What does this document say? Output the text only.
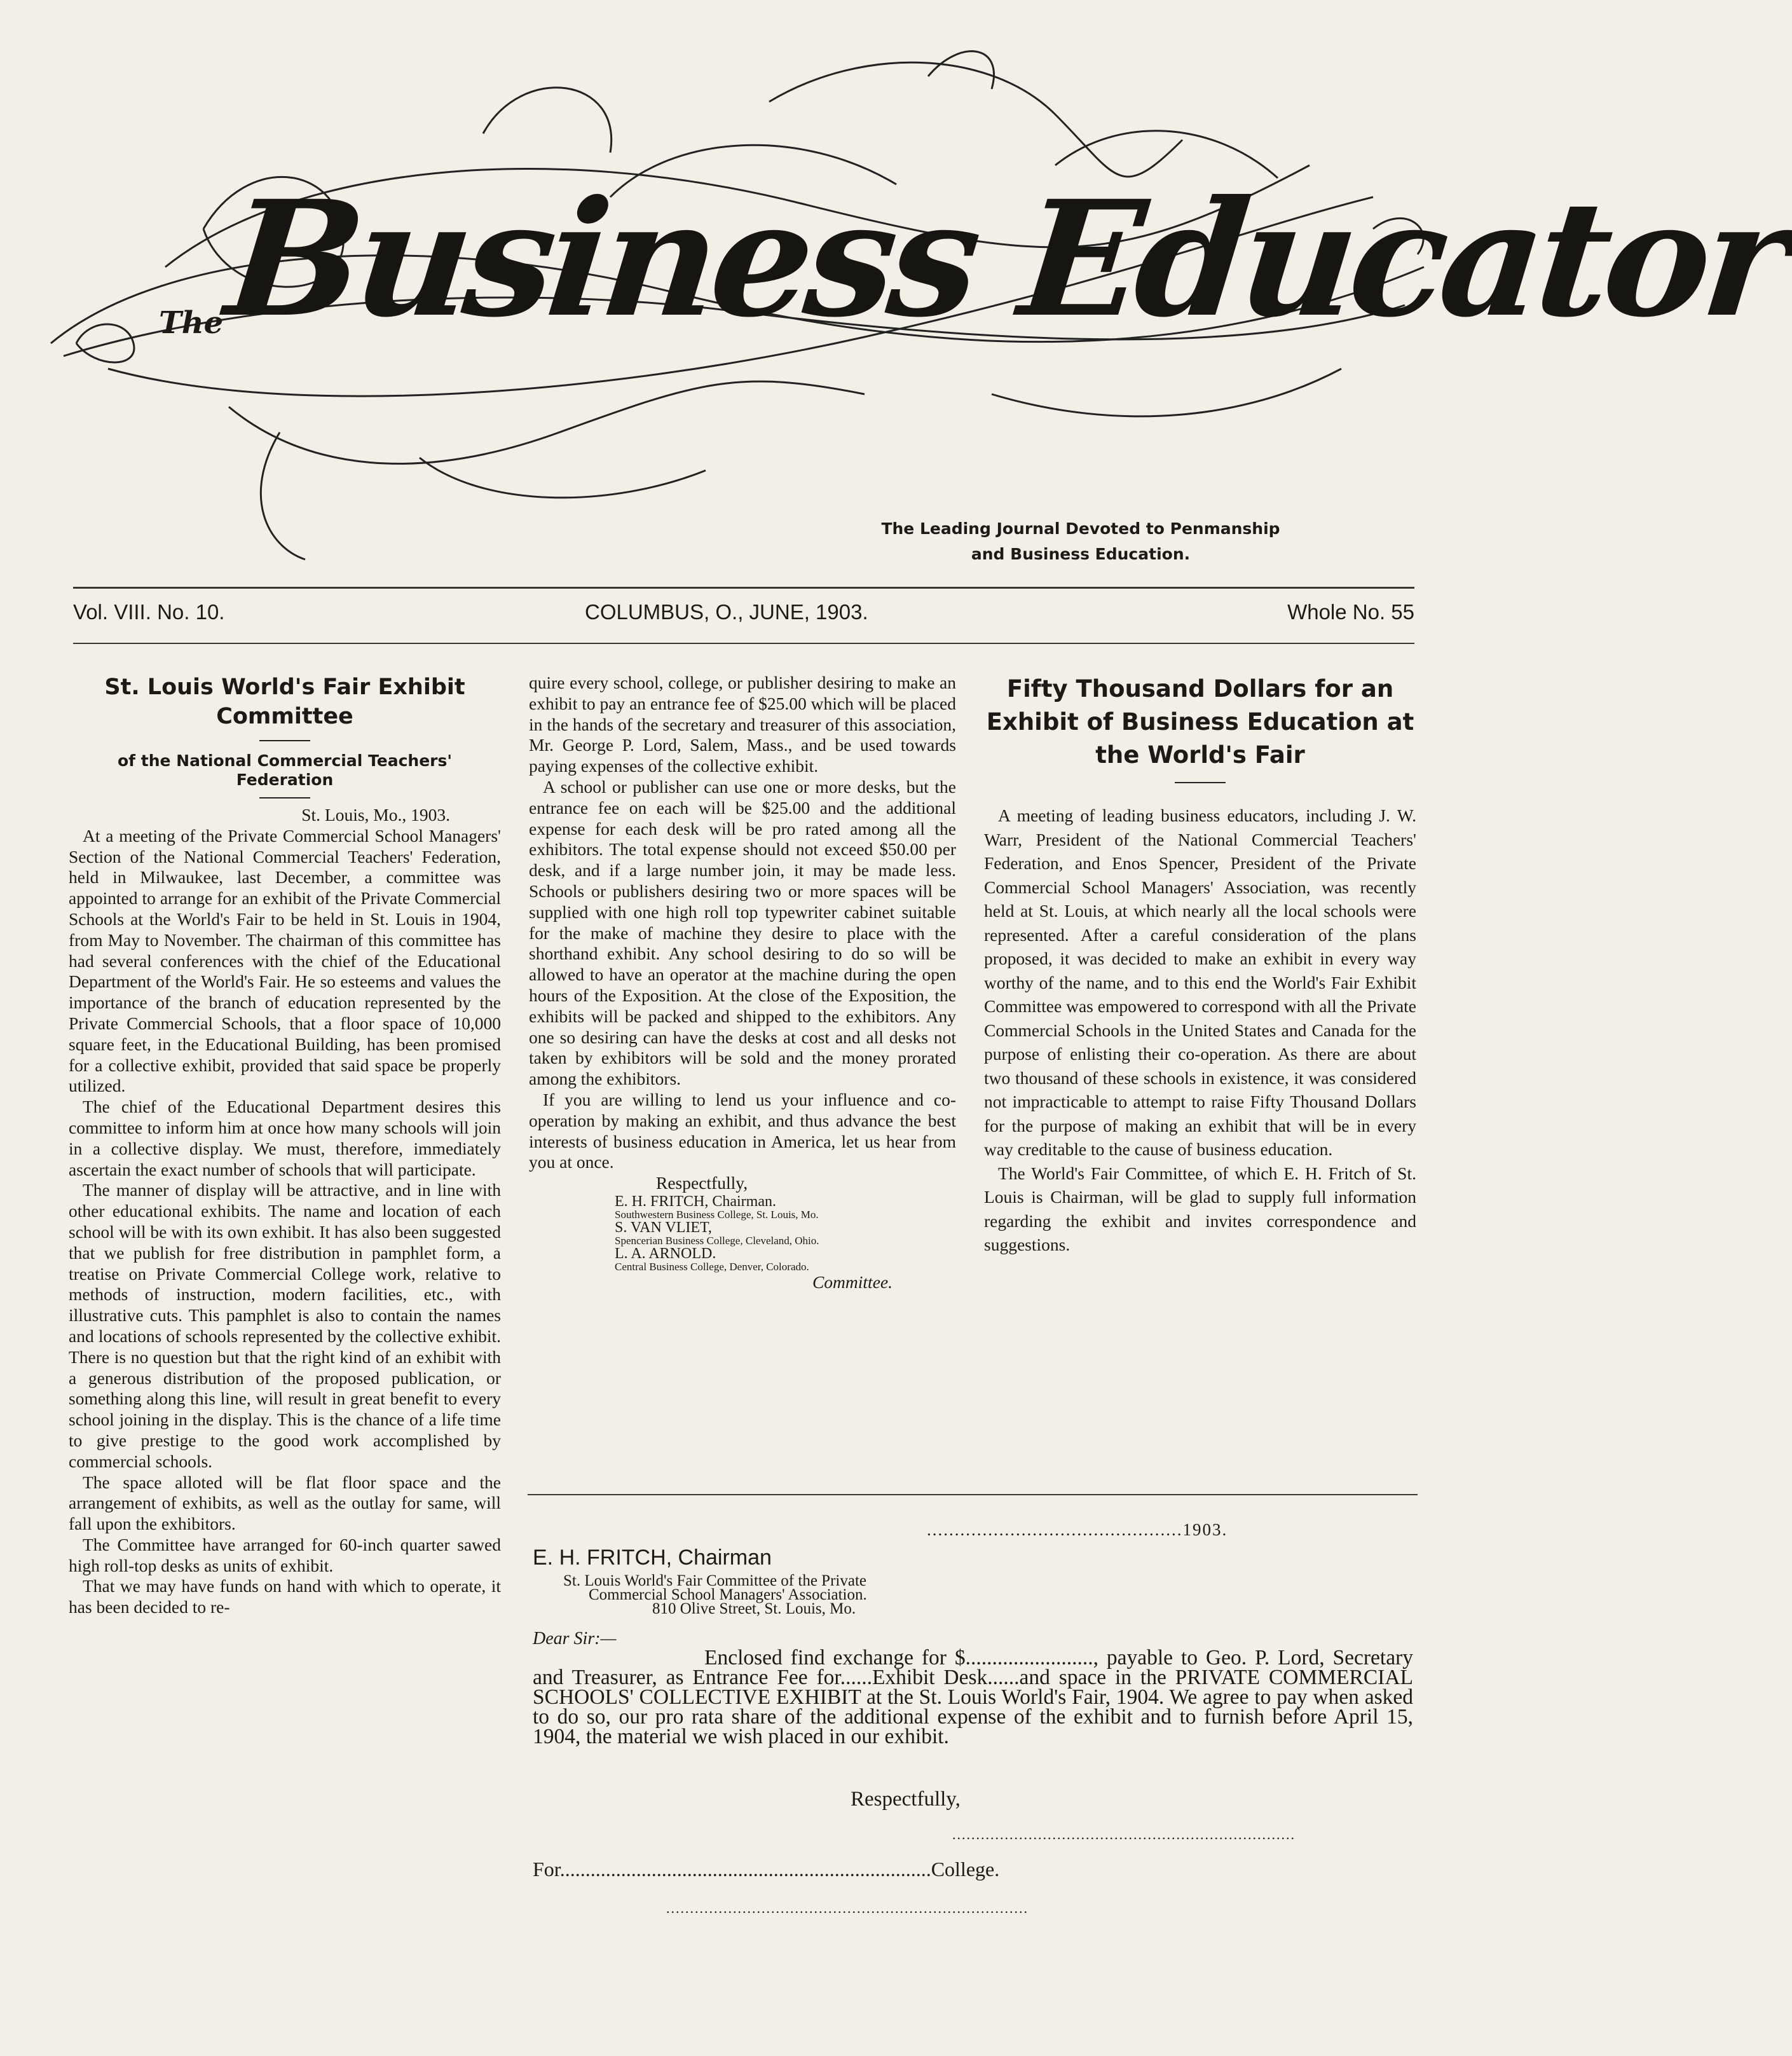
The
Business Educator
The Leading Journal Devoted to Penmanship
and Business Education.
Vol. VIII. No. 10.	COLUMBUS, O., JUNE, 1903.	Whole No. 55
St. Louis World's Fair Exhibit Committee
of the National Commercial Teachers' Federation
St. Louis, Mo., 1903.

At a meeting of the Private Commercial School Managers' Section of the National Commercial Teachers' Federation, held in Milwaukee, last December, a committee was appointed to arrange for an exhibit of the Private Commercial Schools at the World's Fair to be held in St. Louis in 1904, from May to November. The chairman of this committee has had several conferences with the chief of the Educational Department of the World's Fair. He so esteems and values the importance of the branch of education represented by the Private Commercial Schools, that a floor space of 10,000 square feet, in the Educational Building, has been promised for a collective exhibit, provided that said space be properly utilized.

The chief of the Educational Department desires this committee to inform him at once how many schools will join in a collective display. We must, therefore, immediately ascertain the exact number of schools that will participate.

The manner of display will be attractive, and in line with other educational exhibits. The name and location of each school will be with its own exhibit. It has also been suggested that we publish for free distribution in pamphlet form, a treatise on Private Commercial College work, relative to methods of instruction, modern facilities, etc., with illustrative cuts. This pamphlet is also to contain the names and locations of schools represented by the collective exhibit. There is no question but that the right kind of an exhibit with a generous distribution of the proposed publication, or something along this line, will result in great benefit to every school joining in the display. This is the chance of a life time to give prestige to the good work accomplished by commercial schools.

The space alloted will be flat floor space and the arrangement of exhibits, as well as the outlay for same, will fall upon the exhibitors.

The Committee have arranged for 60-inch quarter sawed high roll-top desks as units of exhibit.

That we may have funds on hand with which to operate, it has been decided to re-

quire every school, college, or publisher desiring to make an exhibit to pay an entrance fee of $25.00 which will be placed in the hands of the secretary and treasurer of this association, Mr. George P. Lord, Salem, Mass., and be used towards paying expenses of the collective exhibit.

A school or publisher can use one or more desks, but the entrance fee on each will be $25.00 and the additional expense for each desk will be pro rated among all the exhibitors. The total expense should not exceed $50.00 per desk, and if a large number join, it may be made less. Schools or publishers desiring two or more spaces will be supplied with one high roll top typewriter cabinet suitable for the make of machine they desire to place with the shorthand exhibit. Any school desiring to do so will be allowed to have an operator at the machine during the open hours of the Exposition. At the close of the Exposition, the exhibits will be packed and shipped to the exhibitors. Any one so desiring can have the desks at cost and all desks not taken by exhibitors will be sold and the money prorated among the exhibitors.

If you are willing to lend us your influence and co-operation by making an exhibit, and thus advance the best interests of business education in America, let us hear from you at once.

Respectfully,
E. H. FRITCH, Chairman.
Southwestern Business College, St. Louis, Mo.
S. VAN VLIET,
Spencerian Business College, Cleveland, Ohio.
L. A. ARNOLD.
Central Business College, Denver, Colorado.
Committee.
Fifty Thousand Dollars for an Exhibit of Business Education at the World's Fair

A meeting of leading business educators, including J. W. Warr, President of the National Commercial Teachers' Federation, and Enos Spencer, President of the Private Commercial School Managers' Association, was recently held at St. Louis, at which nearly all the local schools were represented. After a careful consideration of the plans proposed, it was decided to make an exhibit in every way worthy of the name, and to this end the World's Fair Exhibit Committee was empowered to correspond with all the Private Commercial Schools in the United States and Canada for the purpose of enlisting their co-operation. As there are about two thousand of these schools in existence, it was considered not impracticable to attempt to raise Fifty Thousand Dollars for the purpose of making an exhibit that will be in every way creditable to the cause of business education.

The World's Fair Committee, of which E. H. Fritch of St. Louis is Chairman, will be glad to supply full information regarding the exhibit and invites correspondence and suggestions.

..............................................1903.
E. H. FRITCH, Chairman
St. Louis World's Fair Committee of the Private
Commercial School Managers' Association.
810 Olive Street, St. Louis, Mo.
Dear Sir:—
Enclosed find exchange for $........................, payable to Geo. P. Lord, Secretary and Treasurer, as Entrance Fee for......Exhibit Desk......and space in the PRIVATE COMMERCIAL SCHOOLS' COLLECTIVE EXHIBIT at the St. Louis World's Fair, 1904. We agree to pay when asked to do so, our pro rata share of the additional expense of the exhibit and to furnish before April 15, 1904, the material we wish placed in our exhibit.
Respectfully,
........................................................................
For.........................................................................College.
............................................................................
